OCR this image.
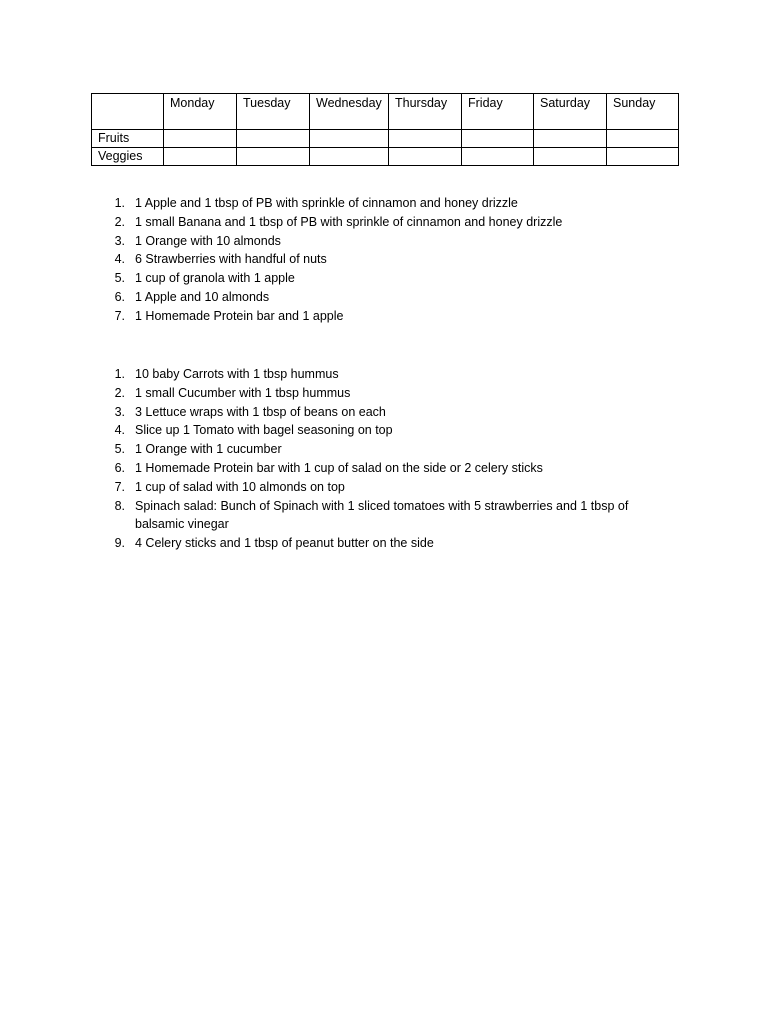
	Monday	Tuesday	Wednesday	Thursday	Friday	Saturday	Sunday
Fruits							
Veggies							
1. 1 Apple and 1 tbsp of PB with sprinkle of cinnamon and honey drizzle
2. 1 small Banana and 1 tbsp of PB with sprinkle of cinnamon and honey drizzle
3. 1 Orange with 10 almonds
4. 6 Strawberries with handful of nuts
5. 1 cup of granola with 1 apple
6. 1 Apple and 10 almonds
7. 1 Homemade Protein bar and 1 apple
1. 10 baby Carrots with 1 tbsp hummus
2. 1 small Cucumber with 1 tbsp hummus
3. 3 Lettuce wraps with 1 tbsp of beans on each
4. Slice up 1 Tomato with bagel seasoning on top
5. 1 Orange with 1 cucumber
6. 1 Homemade Protein bar with 1 cup of salad on the side or 2 celery sticks
7. 1 cup of salad with 10 almonds on top
8. Spinach salad: Bunch of Spinach with 1 sliced tomatoes with 5 strawberries and 1 tbsp of balsamic vinegar
9. 4 Celery sticks and 1 tbsp of peanut butter on the side
